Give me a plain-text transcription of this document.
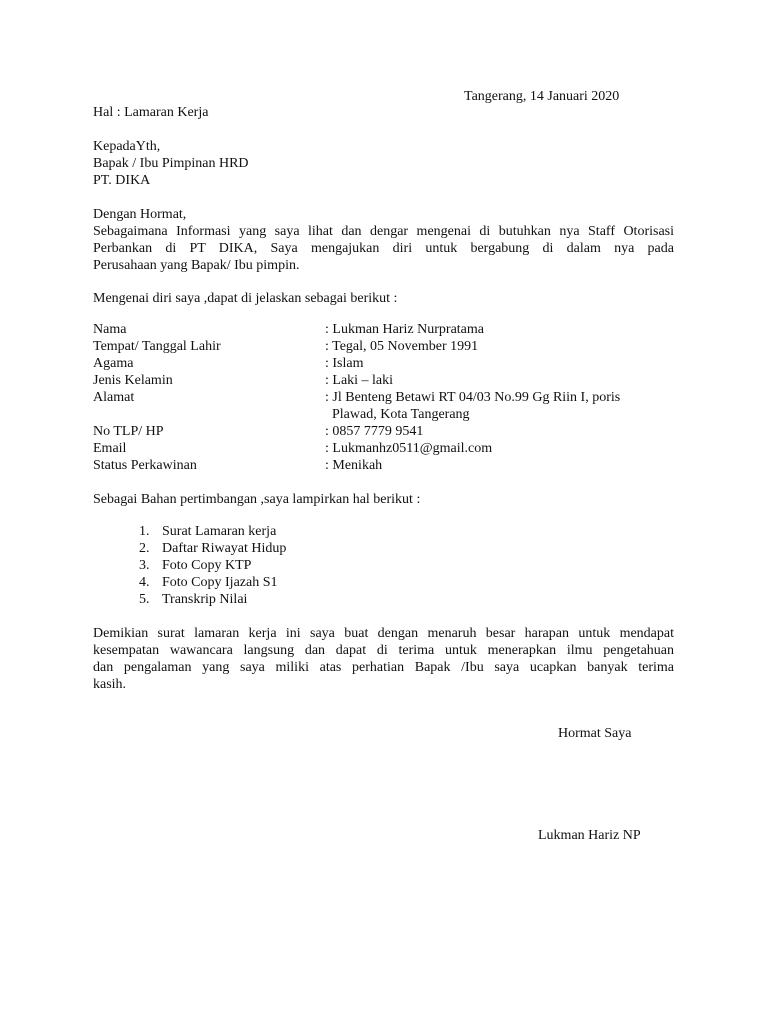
Tangerang, 14 Januari 2020
Hal : Lamaran Kerja
KepadaYth,
Bapak / Ibu Pimpinan HRD
PT. DIKA
Dengan Hormat,
Sebagaimana Informasi yang saya lihat dan dengar mengenai di butuhkan nya Staff Otorisasi
Perbankan di PT DIKA, Saya mengajukan diri untuk bergabung di dalam nya pada
Perusahaan yang Bapak/ Ibu pimpin.
Mengenai diri saya ,dapat di jelaskan sebagai berikut :
Nama	: Lukman Hariz Nurpratama
Tempat/ Tanggal Lahir	: Tegal, 05 November 1991
Agama	: Islam
Jenis Kelamin	: Laki – laki
Alamat	: Jl Benteng Betawi RT 04/03 No.99 Gg Riin I, poris
Plawad, Kota Tangerang
No TLP/ HP	: 0857 7779 9541
Email	: Lukmanhz0511@gmail.com
Status Perkawinan	: Menikah
Sebagai Bahan pertimbangan ,saya lampirkan hal berikut :
1. Surat Lamaran kerja
2. Daftar Riwayat Hidup
3. Foto Copy KTP
4. Foto Copy Ijazah S1
5. Transkrip Nilai
Demikian surat lamaran kerja ini saya buat dengan menaruh besar harapan untuk mendapat
kesempatan wawancara langsung dan dapat di terima untuk menerapkan ilmu pengetahuan
dan pengalaman yang saya miliki atas perhatian Bapak /Ibu saya ucapkan banyak terima
kasih.
Hormat Saya
Lukman Hariz NP
